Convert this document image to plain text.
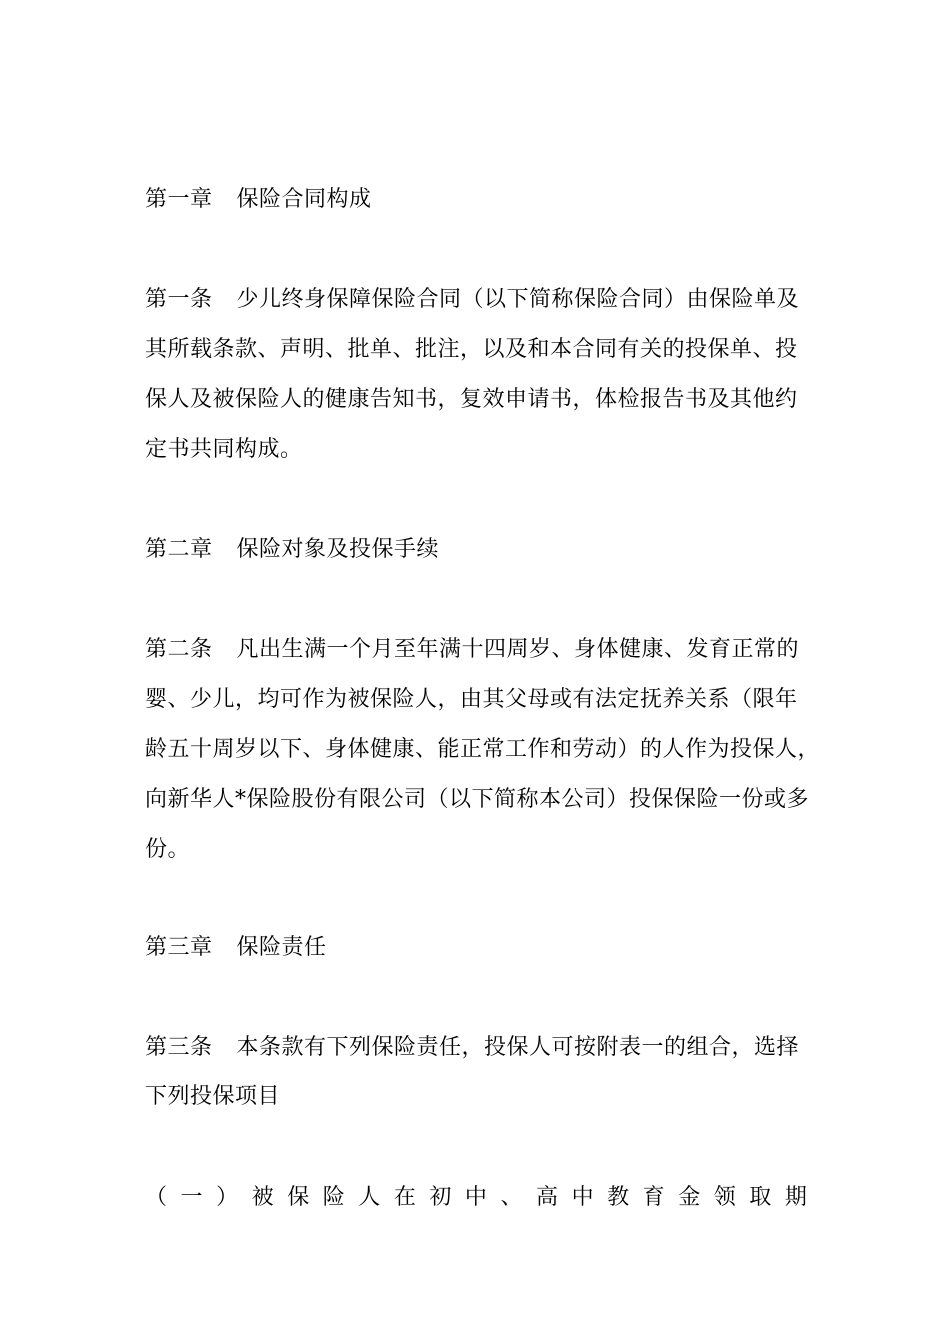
第一章 保险合同构成
第一条 少儿终身保障保险合同（以下简称保险合同）由保险单及
其所载条款、声明、批单、批注，以及和本合同有关的投保单、投
保人及被保险人的健康告知书，复效申请书，体检报告书及其他约
定书共同构成。
第二章 保险对象及投保手续
第二条 凡出生满一个月至年满十四周岁、身体健康、发育正常的
婴、少儿，均可作为被保险人，由其父母或有法定抚养关系（限年
龄五十周岁以下、身体健康、能正常工作和劳动）的人作为投保人，
向新华人*保险股份有限公司（以下简称本公司）投保保险一份或多
份。
第三章 保险责任
第三条 本条款有下列保险责任，投保人可按附表一的组合，选择
下列投保项目
（ 一 ） 被 保 险 人 在 初 中 、 高 中 教 育 金 领 取 期
